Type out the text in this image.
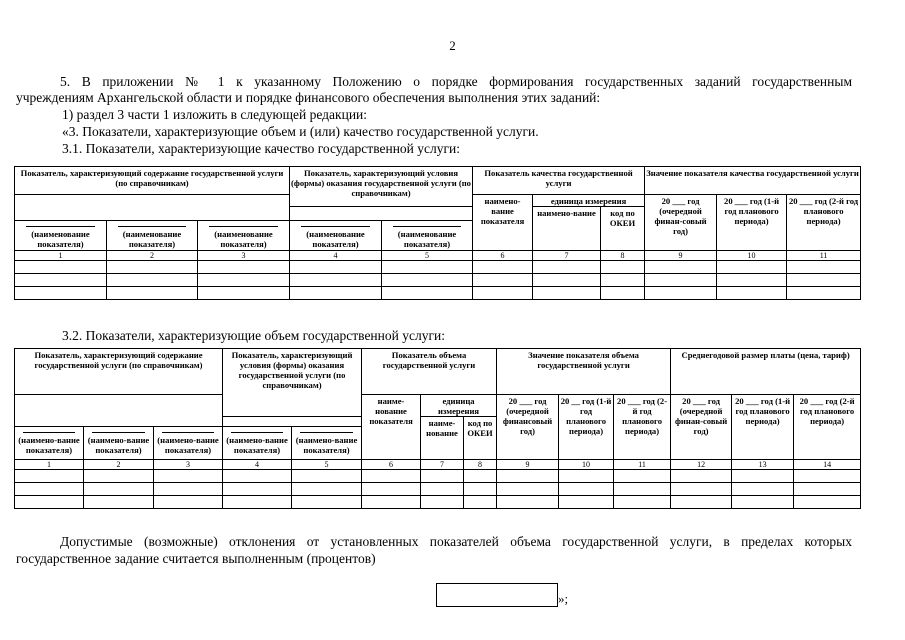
2
5. В приложении № 1 к указанному Положению о порядке формирования государственных заданий государственным
учреждениям Архангельской области и порядке финансового обеспечения выполнения этих заданий:
1) раздел 3 части 1 изложить в следующей редакции:
«3. Показатели, характеризующие объем и (или) качество государственной услуги.
3.1. Показатели, характеризующие качество государственной услуги:
Показатель, характеризующий содержание государственной услуги (по справочникам)			Показатель, характеризующий условия (формы) оказания государственной услуги (по справочникам)		Показатель качества государственной услуги			Значение показателя качества государственной услуги		
					наимено-вание показателя	единица измерения		20 ___ год (очередной финан-совый год)	20 ___ год (1-й год планового периода)	20 ___ год (2-й год планового периода)
						наимено-вание	код по ОКЕИ			

(наименование показателя)	(наименование показателя)	(наименование показателя)	(наименование показателя)	(наименование показателя)						
1	2	3	4	5	6	7	8	9	10	11

3.2. Показатели, характеризующие объем государственной услуги:
Показатель, характеризующий содержание государственной услуги (по справочникам)			Показатель, характеризующий условия (формы) оказания государственной услуги (по справочникам)		Показатель объема государственной услуги			Значение показателя объема государственной услуги			Среднегодовой размер платы (цена, тариф)		
					наиме-нование показателя	единица измерения		20 ___ год (очередной финансовый год)	20 __ год (1-й год планового периода)	20 ___ год (2-й год планового периода)	20 ___ год (очередной финан-совый год)	20 ___ год (1-й год планового периода)	20 ___ год (2-й год планового периода)
						наиме-нование	код по ОКЕИ						

(наимено-вание показателя)	(наимено-вание показателя)	(наимено-вание показателя)	(наимено-вание показателя)	(наимено-вание показателя)									
1	2	3	4	5	6	7	8	9	10	11	12	13	14

Допустимые (возможные) отклонения от установленных показателей объема государственной услуги, в пределах которых
государственное задание считается выполненным (процентов)
»;
